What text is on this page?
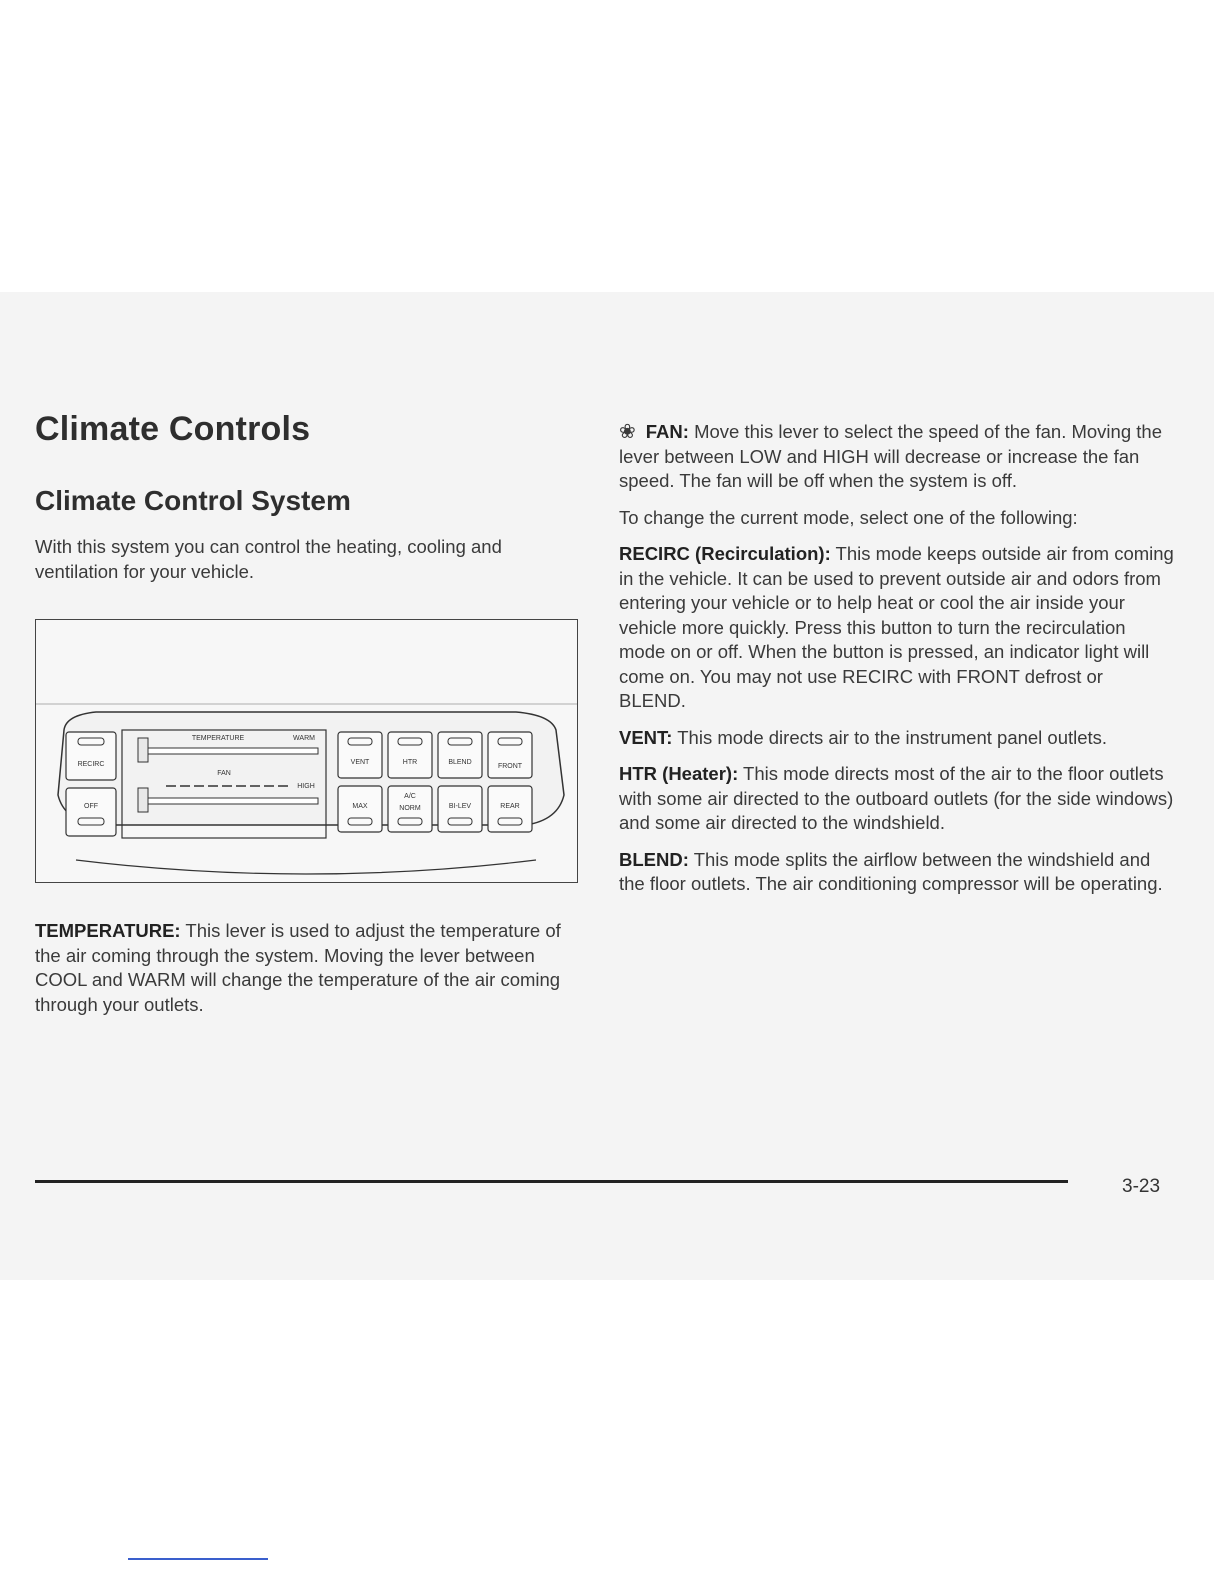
Climate Controls
Climate Control System

With this system you can control the heating, cooling and ventilation for your vehicle.

RECIRC
OFF
TEMPERATURE	WARM
FAN
HIGH
VENT	HTR	BLEND
FRONT
MAX
A/C
NORM	BI-LEV	REAR

TEMPERATURE: This lever is used to adjust the temperature of the air coming through the system. Moving the lever between COOL and WARM will change the temperature of the air coming through your outlets.

❀ FAN: Move this lever to select the speed of the fan. Moving the lever between LOW and HIGH will decrease or increase the fan speed. The fan will be off when the system is off.

To change the current mode, select one of the following:

RECIRC (Recirculation): This mode keeps outside air from coming in the vehicle. It can be used to prevent outside air and odors from entering your vehicle or to help heat or cool the air inside your vehicle more quickly. Press this button to turn the recirculation mode on or off. When the button is pressed, an indicator light will come on. You may not use RECIRC with FRONT defrost or BLEND.

VENT: This mode directs air to the instrument panel outlets.

HTR (Heater): This mode directs most of the air to the floor outlets with some air directed to the outboard outlets (for the side windows) and some air directed to the windshield.

BLEND: This mode splits the airflow between the windshield and the floor outlets. The air conditioning compressor will be operating.

3-23
